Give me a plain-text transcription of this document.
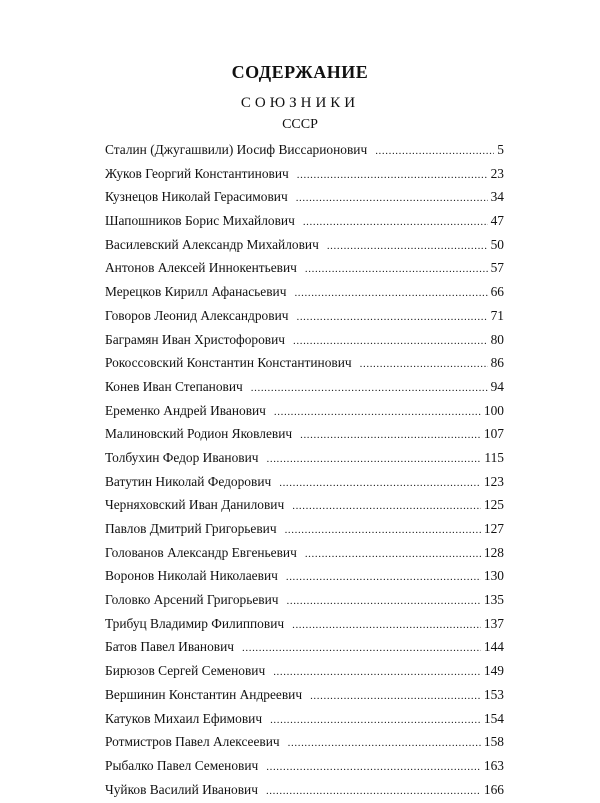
СОДЕРЖАНИЕ
СОЮЗНИКИ
СССР
Сталин (Джугашвили) Иосиф Виссарионович .....	5
Жуков Георгий Константинович .....	23
Кузнецов Николай Герасимович .....	34
Шапошников Борис Михайлович .....	47
Василевский Александр Михайлович .....	50
Антонов Алексей Иннокентьевич .....	57
Мерецков Кирилл Афанасьевич .....	66
Говоров Леонид Александрович .....	71
Баграмян Иван Христофорович .....	80
Рокоссовский Константин Константинович .....	86
Конев Иван Степанович .....	94
Еременко Андрей Иванович .....	100
Малиновский Родион Яковлевич .....	107
Толбухин Федор Иванович .....	115
Ватутин Николай Федорович .....	123
Черняховский Иван Данилович .....	125
Павлов Дмитрий Григорьевич .....	127
Голованов Александр Евгеньевич .....	128
Воронов Николай Николаевич .....	130
Головко Арсений Григорьевич .....	135
Трибуц Владимир Филиппович .....	137
Батов Павел Иванович .....	144
Бирюзов Сергей Семенович .....	149
Вершинин Константин Андреевич .....	153
Катуков Михаил Ефимович .....	154
Ротмистров Павел Алексеевич .....	158
Рыбалко Павел Семенович .....	163
Чуйков Василий Иванович .....	166
